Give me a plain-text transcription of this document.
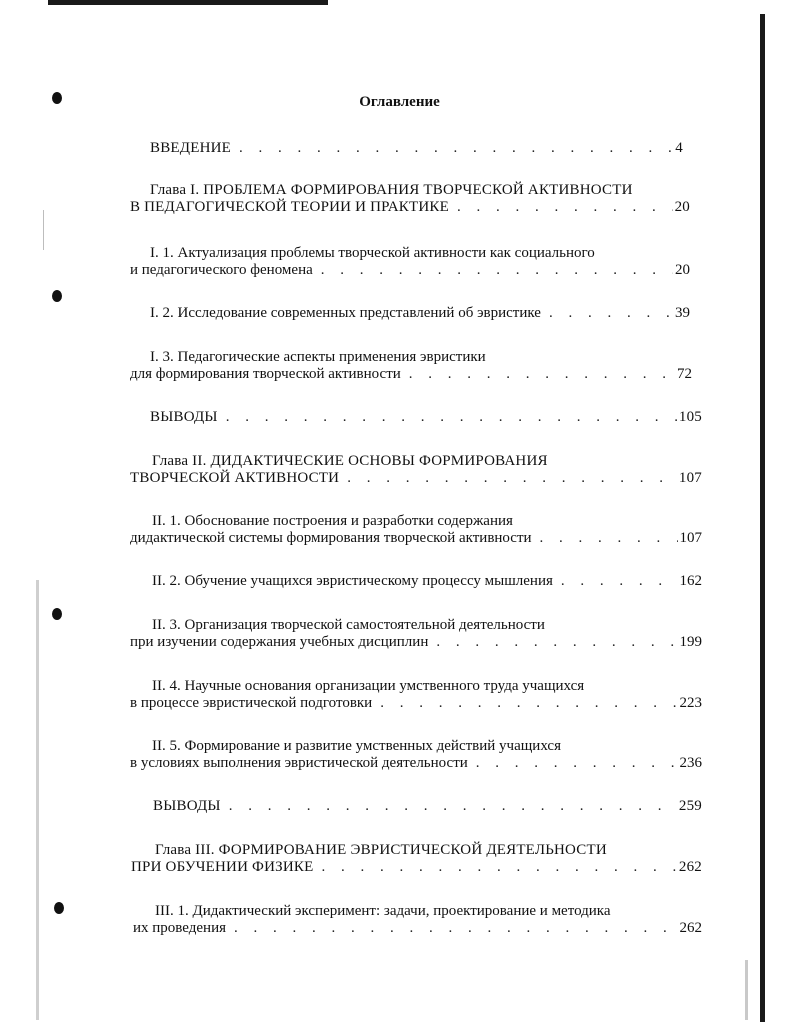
Оглавление
ВВЕДЕНИЕ . . .	4
Глава I. ПРОБЛЕМА ФОРМИРОВАНИЯ ТВОРЧЕСКОЙ АКТИВНОСТИ
В ПЕДАГОГИЧЕСКОЙ ТЕОРИИ И ПРАКТИКЕ . . .	20
I. 1. Актуализация проблемы творческой активности как социального
и педагогического феномена . . .	20
I. 2. Исследование современных представлений об эвристике . . .	39
I. 3. Педагогические аспекты применения эвристики
для формирования творческой активности . . .	72
ВЫВОДЫ . . .	105
Глава II. ДИДАКТИЧЕСКИЕ ОСНОВЫ ФОРМИРОВАНИЯ
ТВОРЧЕСКОЙ АКТИВНОСТИ . . .	107
II. 1. Обоснование построения и разработки содержания
дидактической системы формирования творческой активности . . .	107
II. 2. Обучение учащихся эвристическому процессу мышления . . .	162
II. 3. Организация творческой самостоятельной деятельности
при изучении содержания учебных дисциплин . . .	199
II. 4. Научные основания организации умственного труда учащихся
в процессе эвристической подготовки . . .	223
II. 5. Формирование и развитие умственных действий учащихся
в условиях выполнения эвристической деятельности . . .	236
ВЫВОДЫ . . .	259
Глава III. ФОРМИРОВАНИЕ ЭВРИСТИЧЕСКОЙ ДЕЯТЕЛЬНОСТИ
ПРИ ОБУЧЕНИИ ФИЗИКЕ . . .	262
III. 1. Дидактический эксперимент: задачи, проектирование и методика
их проведения . . .	262
